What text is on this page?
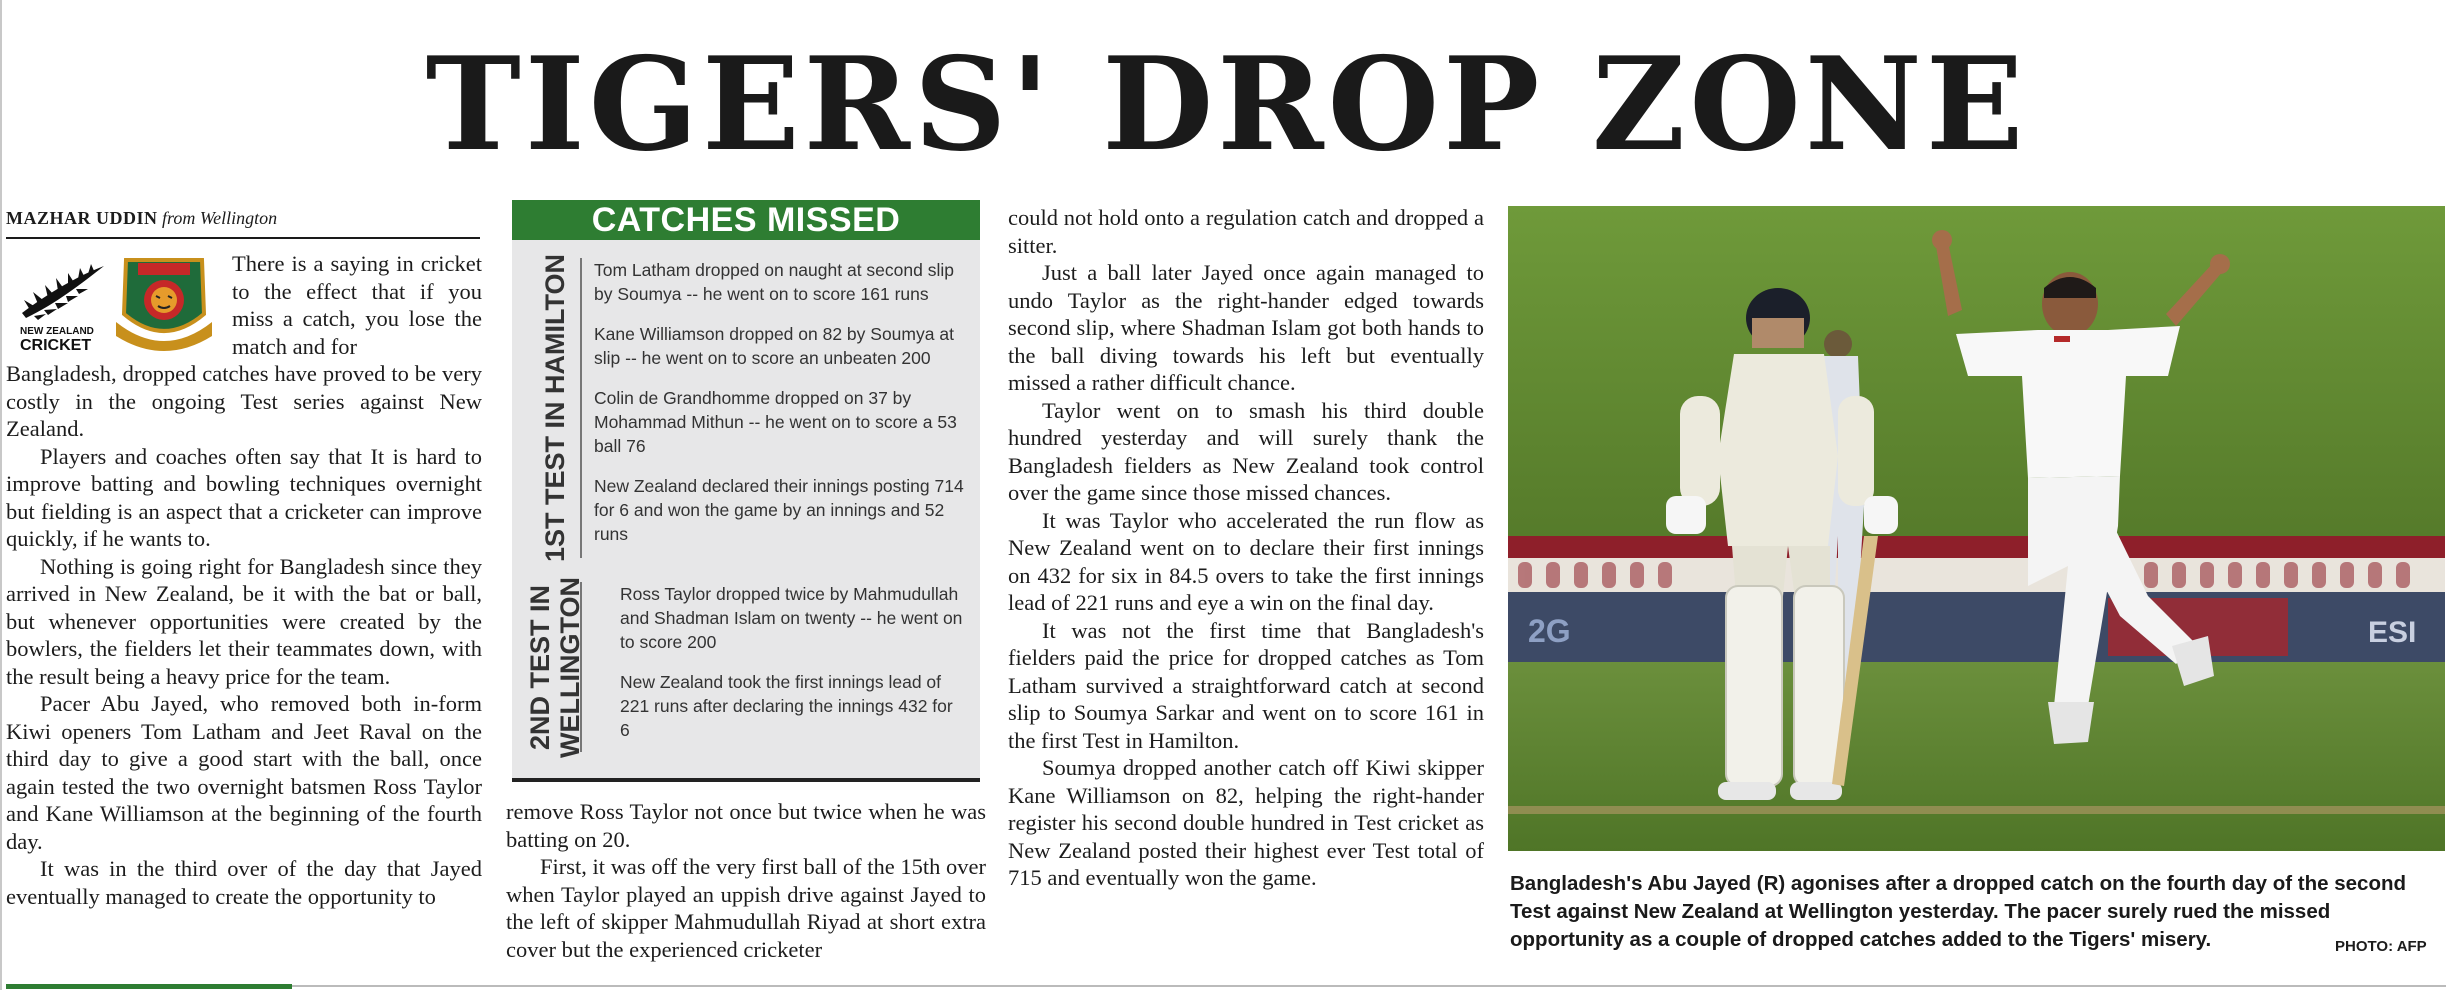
TIGERS' DROP ZONE
MAZHAR UDDIN from Wellington
NEW ZEALAND
CRICKET

There is a saying in cricket to the effect that if you miss a catch, you lose the match and for

Bangladesh, dropped catches have proved to be very costly in the ongoing Test series against New Zealand.

Players and coaches often say that It is hard to improve batting and bowling techniques overnight but fielding is an aspect that a cricketer can improve quickly, if he wants to.

Nothing is going right for Bangladesh since they arrived in New Zealand, be it with the bat or ball, but whenever opportunities were created by the bowlers, the fielders let their teammates down, with the result being a heavy price for the team.

Pacer Abu Jayed, who removed both in-form Kiwi openers Tom Latham and Jeet Raval on the third day to give a good start with the ball, once again tested the two overnight batsmen Ross Taylor and Kane Williamson at the beginning of the fourth day.

It was in the third over of the day that Jayed eventually managed to create the opportunity to

CATCHES MISSED
1ST TEST IN HAMILTON Tom Latham dropped on naught at second slip by Soumya -- he went on to score 161 runs
Kane Williamson dropped on 82 by Soumya at slip -- he went on to score an unbeaten 200
Colin de Grandhomme dropped on 37 by Mohammad Mithun -- he went on to score a 53 ball 76
New Zealand declared their innings posting 714 for 6 and won the game by an innings and 52 runs
2ND TEST IN
WELLINGTON Ross Taylor dropped twice by Mahmudullah and Shadman Islam on twenty -- he went on to score 200
New Zealand took the first innings lead of 221 runs after declaring the innings 432 for 6

remove Ross Taylor not once but twice when he was batting on 20.

First, it was off the very first ball of the 15th over when Taylor played an uppish drive against Jayed to the left of skipper Mahmudullah Riyad at short extra cover but the experienced cricketer

could not hold onto a regulation catch and dropped a sitter.

Just a ball later Jayed once again managed to undo Taylor as the right-hander edged towards second slip, where Shadman Islam got both hands to the ball diving towards his left but eventually missed a rather difficult chance.

Taylor went on to smash his third double hundred yesterday and will surely thank the Bangladesh fielders as New Zealand took control over the game since those missed chances.

It was Taylor who accelerated the run flow as New Zealand went on to declare their first innings on 432 for six in 84.5 overs to take the first innings lead of 221 runs and eye a win on the final day.

It was not the first time that Bangladesh's fielders paid the price for dropped catches as Tom Latham survived a straightforward catch at second slip to Soumya Sarkar and went on to score 161 in the first Test in Hamilton.

Soumya dropped another catch off Kiwi skipper Kane Williamson on 82, helping the right-hander register his second double hundred in Test cricket as New Zealand posted their highest ever Test total of 715 and eventually won the game.

2G	ESI
Bangladesh's Abu Jayed (R) agonises after a dropped catch on the fourth day of the second Test against New Zealand at Wellington yesterday. The pacer surely rued the missed opportunity as a couple of dropped catches added to the Tigers' misery.	PHOTO: AFP
